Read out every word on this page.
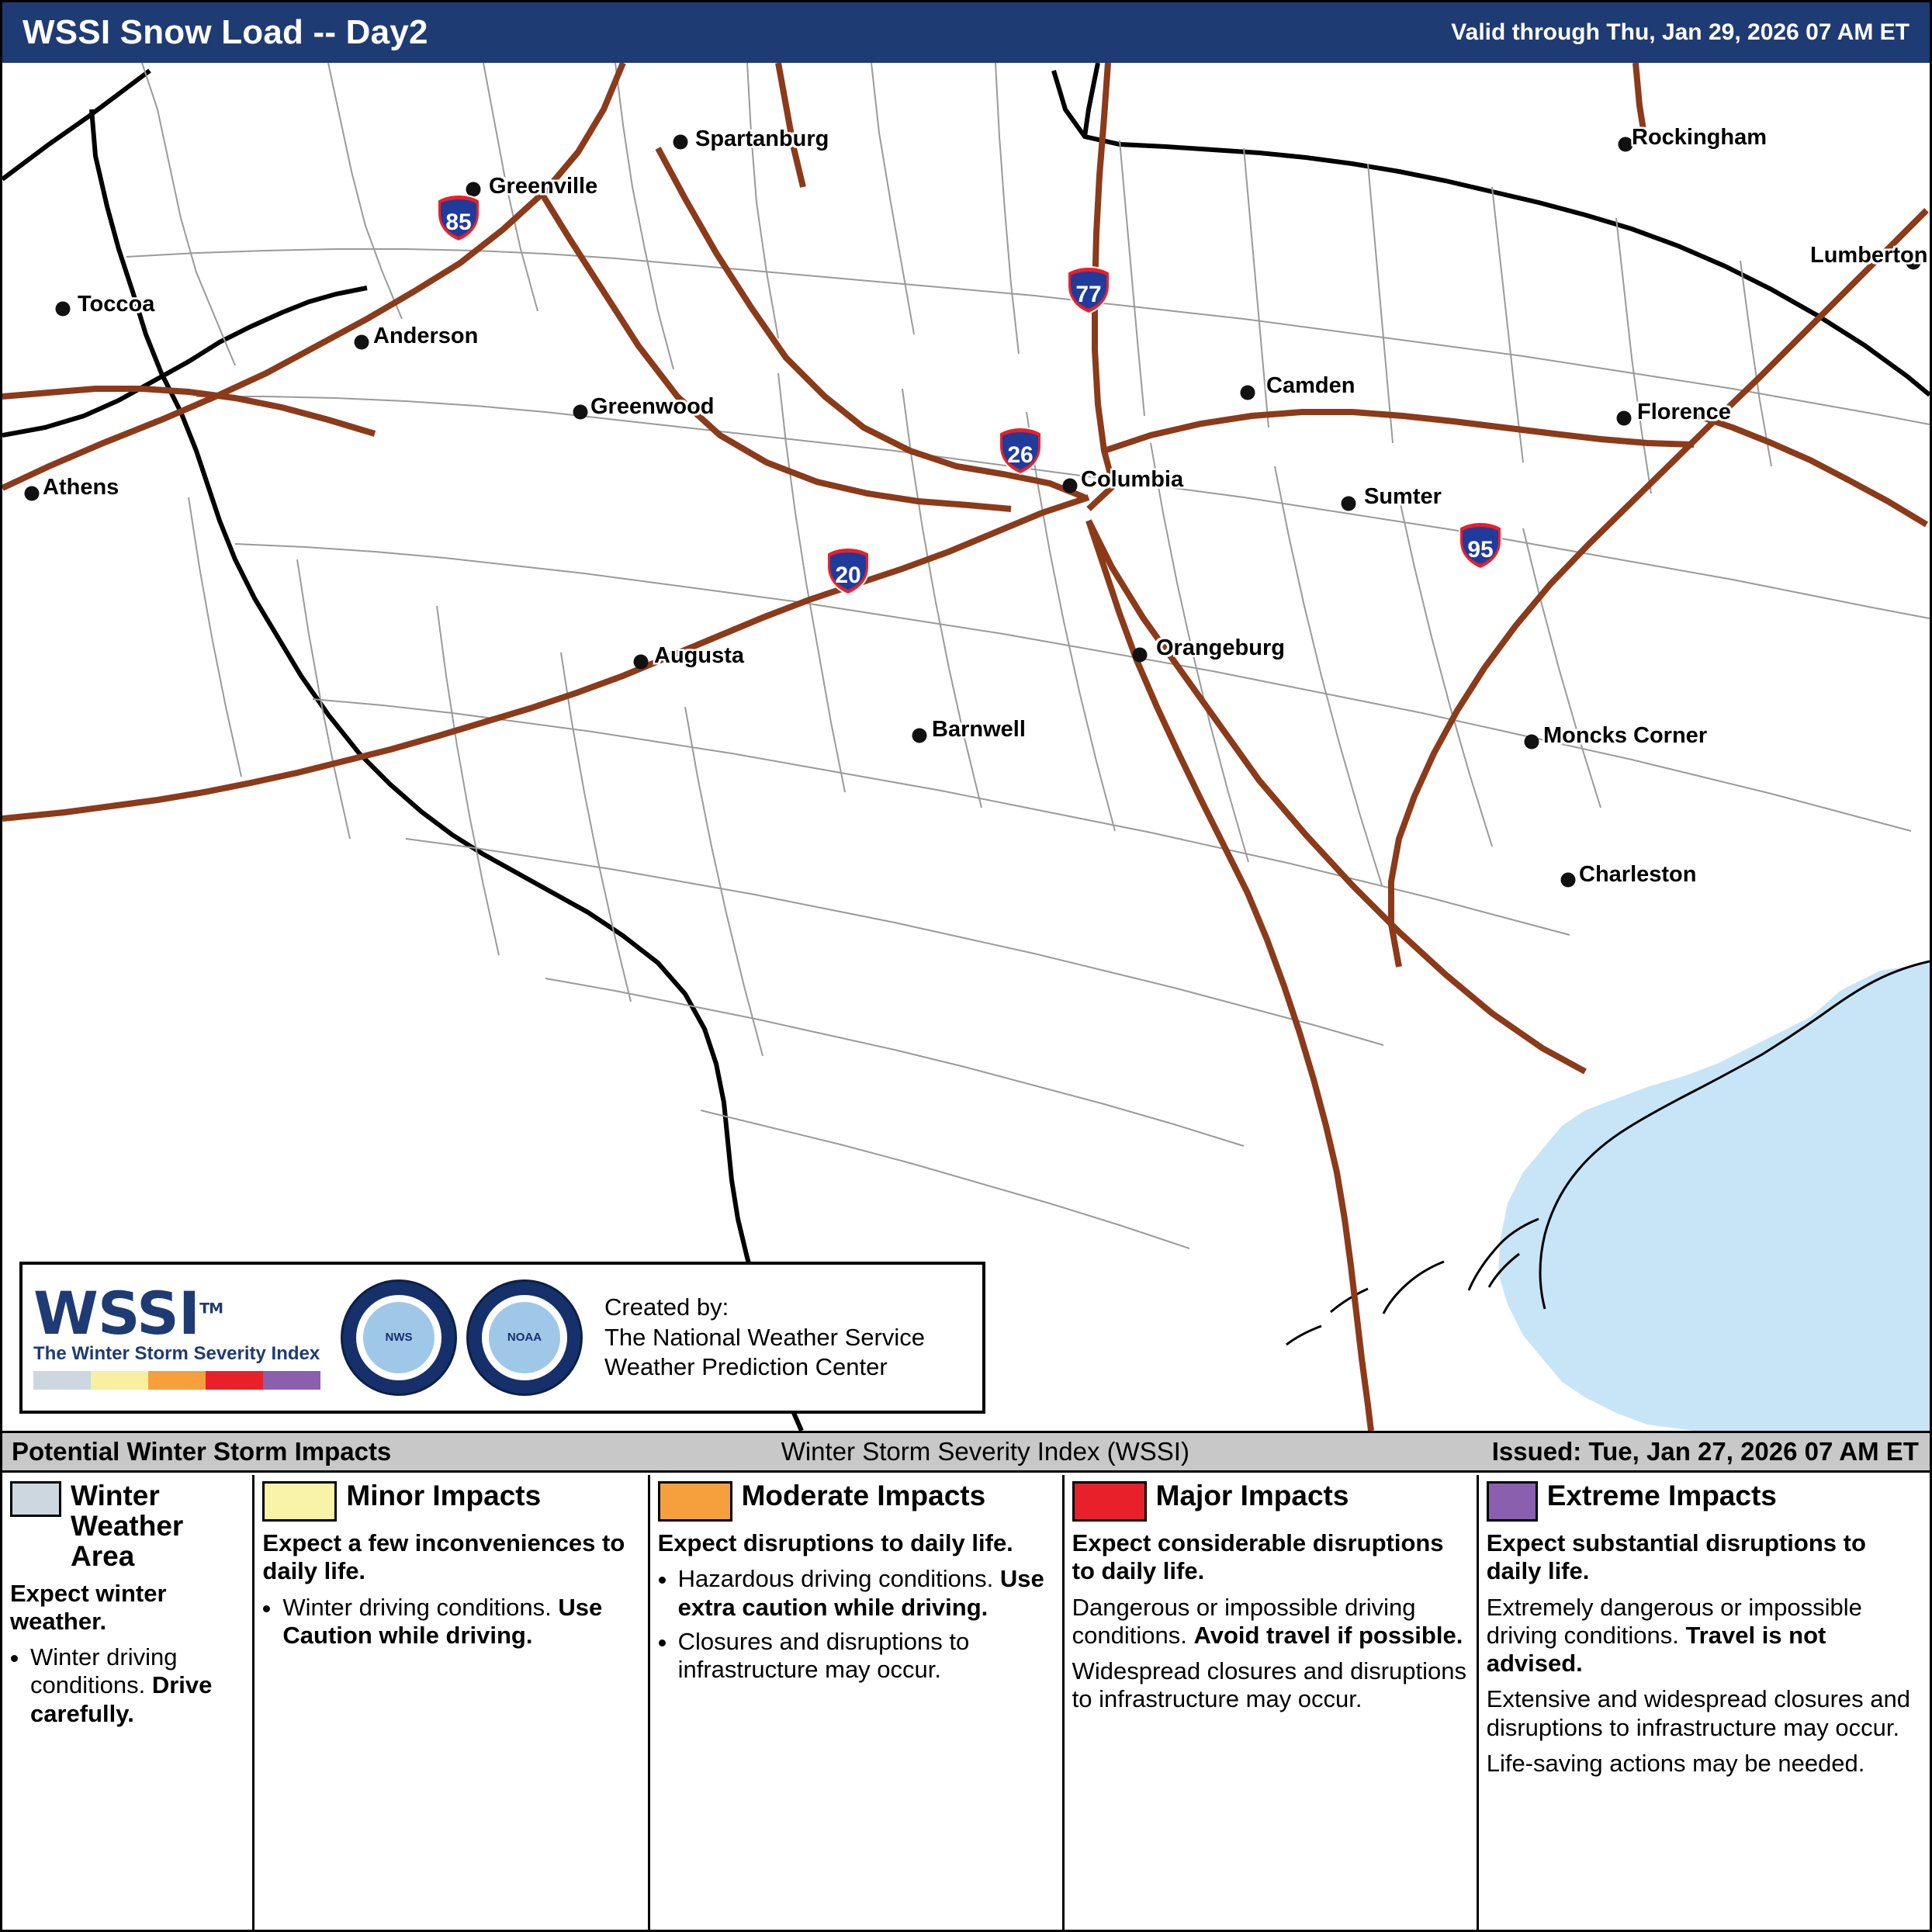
WSSI Snow Load -- Day2	Valid through Thu, Jan 29, 2026 07 AM ET
Spartanburg
Greenville
Rockingham
Toccoa
Anderson
Lumberton
Greenwood
Camden
Florence
Athens	Columbia
Sumter
Augusta	Orangeburg
Barnwell	Moncks Corner
Charleston
85
77
26
95
20
WSSI™
The Winter Storm Severity Index
NWS	NOAA
Created by:
The National Weather Service
Weather Prediction Center
Potential Winter Storm Impacts	Winter Storm Severity Index (WSSI)	Issued: Tue, Jan 27, 2026 07 AM ET
Winter Weather Area

Expect winter weather.

• Winter driving conditions. Drive carefully.
Minor Impacts

Expect a few inconveniences to daily life.

• Winter driving conditions. Use Caution while driving.
Moderate Impacts

Expect disruptions to daily life.

• Hazardous driving conditions. Use extra caution while driving.
• Closures and disruptions to infrastructure may occur.
Major Impacts

Expect considerable disruptions to daily life.

Dangerous or impossible driving conditions. Avoid travel if possible.

Widespread closures and disruptions to infrastructure may occur.

Extreme Impacts

Expect substantial disruptions to daily life.

Extremely dangerous or impossible driving conditions. Travel is not advised.

Extensive and widespread closures and disruptions to infrastructure may occur.

Life-saving actions may be needed.
